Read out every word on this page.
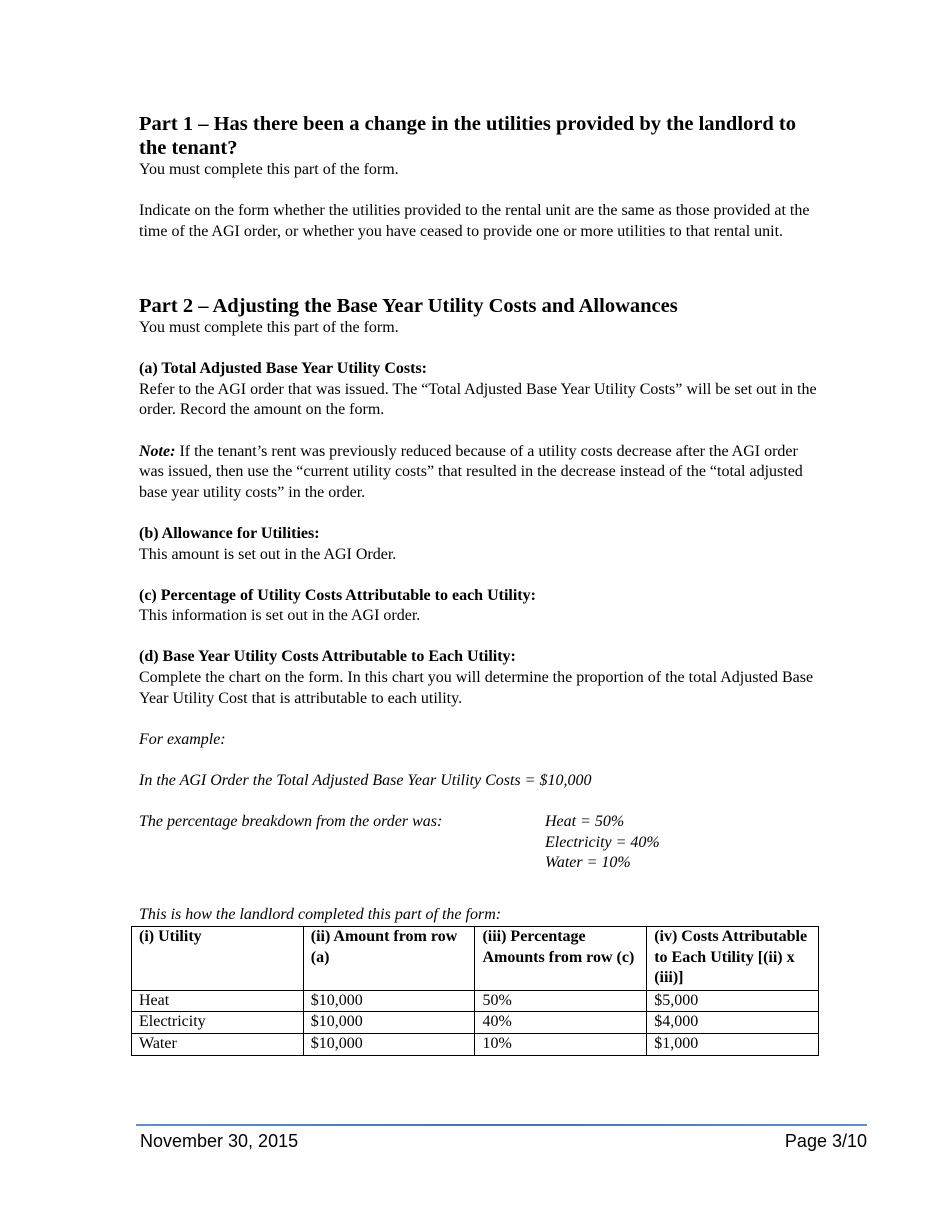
Part 1 – Has there been a change in the utilities provided by the landlord to the tenant?

You must complete this part of the form.

Indicate on the form whether the utilities provided to the rental unit are the same as those provided at the time of the AGI order, or whether you have ceased to provide one or more utilities to that rental unit.

Part 2 – Adjusting the Base Year Utility Costs and Allowances

You must complete this part of the form.

(a) Total Adjusted Base Year Utility Costs:

Refer to the AGI order that was issued. The “Total Adjusted Base Year Utility Costs” will be set out in the order. Record the amount on the form.

Note: If the tenant’s rent was previously reduced because of a utility costs decrease after the AGI order was issued, then use the “current utility costs” that resulted in the decrease instead of the “total adjusted base year utility costs” in the order.

(b) Allowance for Utilities:

This amount is set out in the AGI Order.

(c) Percentage of Utility Costs Attributable to each Utility:

This information is set out in the AGI order.

(d) Base Year Utility Costs Attributable to Each Utility:

Complete the chart on the form. In this chart you will determine the proportion of the total Adjusted Base Year Utility Cost that is attributable to each utility.

For example:

In the AGI Order the Total Adjusted Base Year Utility Costs = $10,000

The percentage breakdown from the order was:	Heat = 50%
Electricity = 40%
Water = 10%
This is how the landlord completed this part of the form:
(i) Utility	(ii) Amount from row (a)	(iii) Percentage Amounts from row (c)	(iv) Costs Attributable to Each Utility [(ii) x (iii)]
Heat	$10,000	50%	$5,000
Electricity	$10,000	40%	$4,000
Water	$10,000	10%	$1,000
November 30, 2015	Page 3/10
